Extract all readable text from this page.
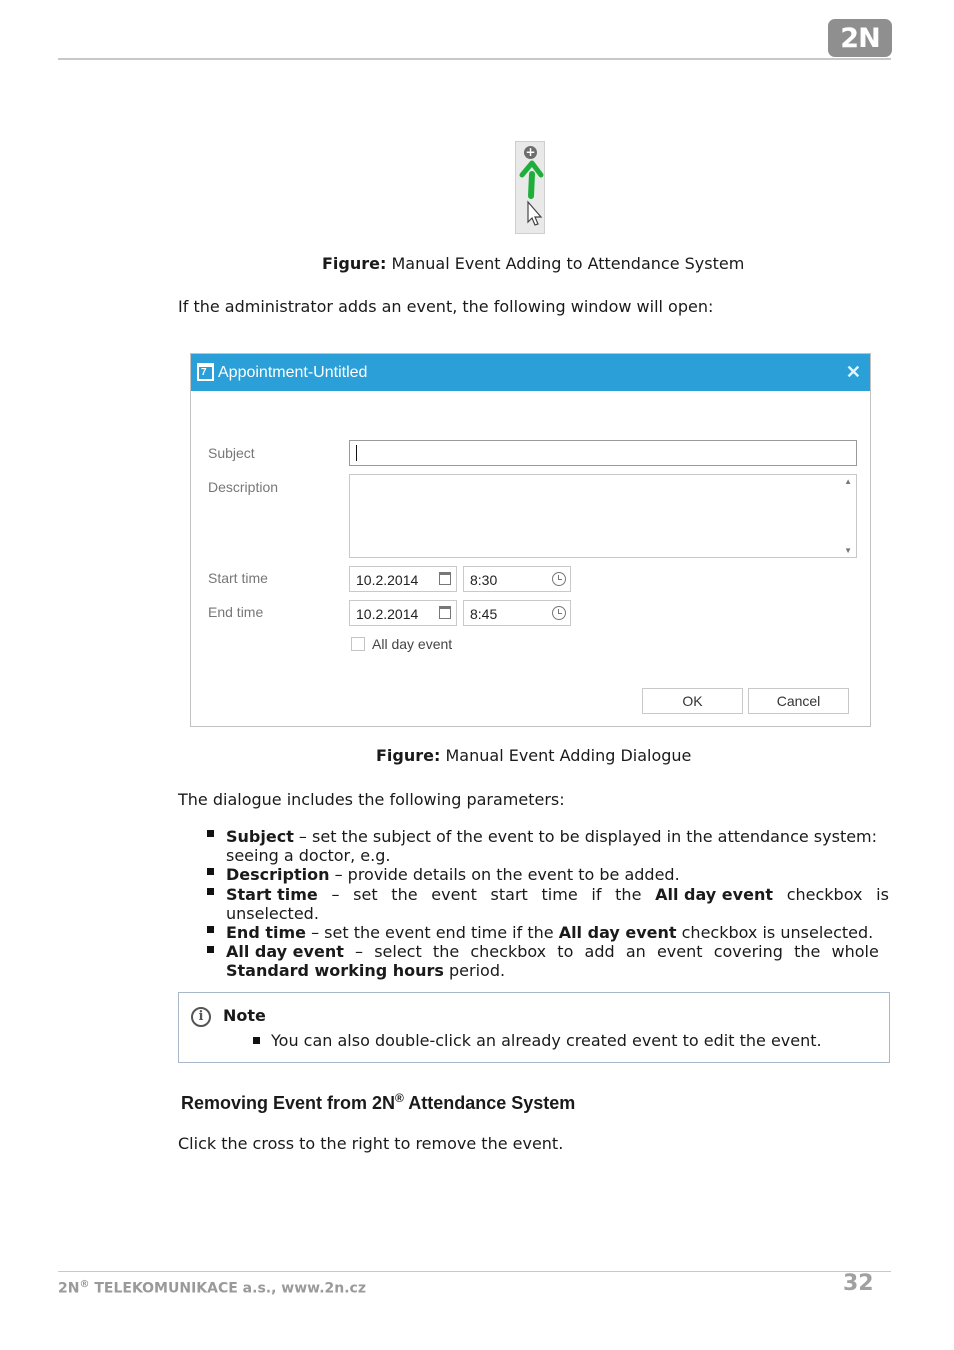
2N
+
Figure: Manual Event Adding to Attendance System
If the administrator adds an event, the following window will open:
7 Appointment-Untitled	✕
Subject
Description	▲
▼
Start time	10.2.2014	8:30
End time	10.2.2014	8:45
All day event
OK	Cancel
Figure: Manual Event Adding Dialogue
The dialogue includes the following parameters:
Subject – set the subject of the event to be displayed in the attendance system:
seeing a doctor, e.g.
Description – provide details on the event to be added.
Start time – set the event start time if the All day event checkbox is
unselected.
End time – set the event end time if the All day event checkbox is unselected.
All day event – select the checkbox to add an event covering the whole
Standard working hours period.
i	Note
You can also double-click an already created event to edit the event.
Removing Event from 2N® Attendance System
Click the cross to the right to remove the event.
2N® TELEKOMUNIKACE a.s., www.2n.cz	32
